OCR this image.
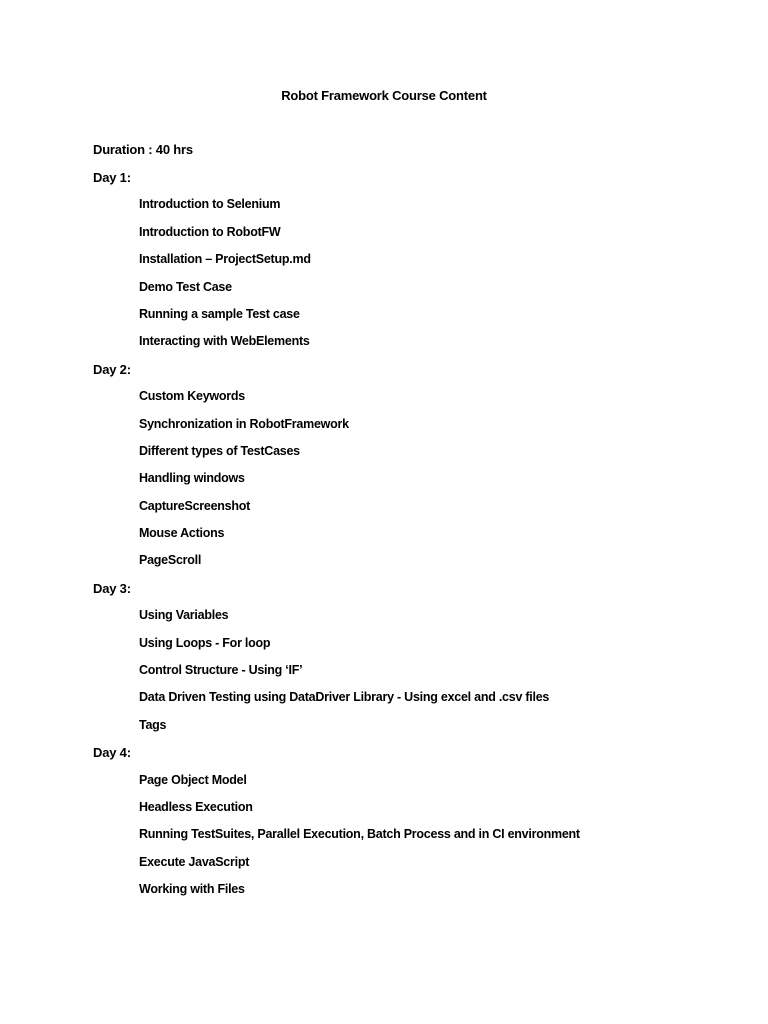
Robot Framework Course Content
Duration : 40 hrs
Day 1:
Introduction to Selenium
Introduction to RobotFW
Installation – ProjectSetup.md
Demo Test Case
Running a sample Test case
Interacting with WebElements
Day 2:
Custom Keywords
Synchronization in RobotFramework
Different types of TestCases
Handling windows
CaptureScreenshot
Mouse Actions
PageScroll
Day 3:
Using Variables
Using Loops - For loop
Control Structure - Using ‘IF’
Data Driven Testing using DataDriver Library - Using excel and .csv files
Tags
Day 4:
Page Object Model
Headless Execution
Running TestSuites, Parallel Execution, Batch Process and in CI environment
Execute JavaScript
Working with Files
